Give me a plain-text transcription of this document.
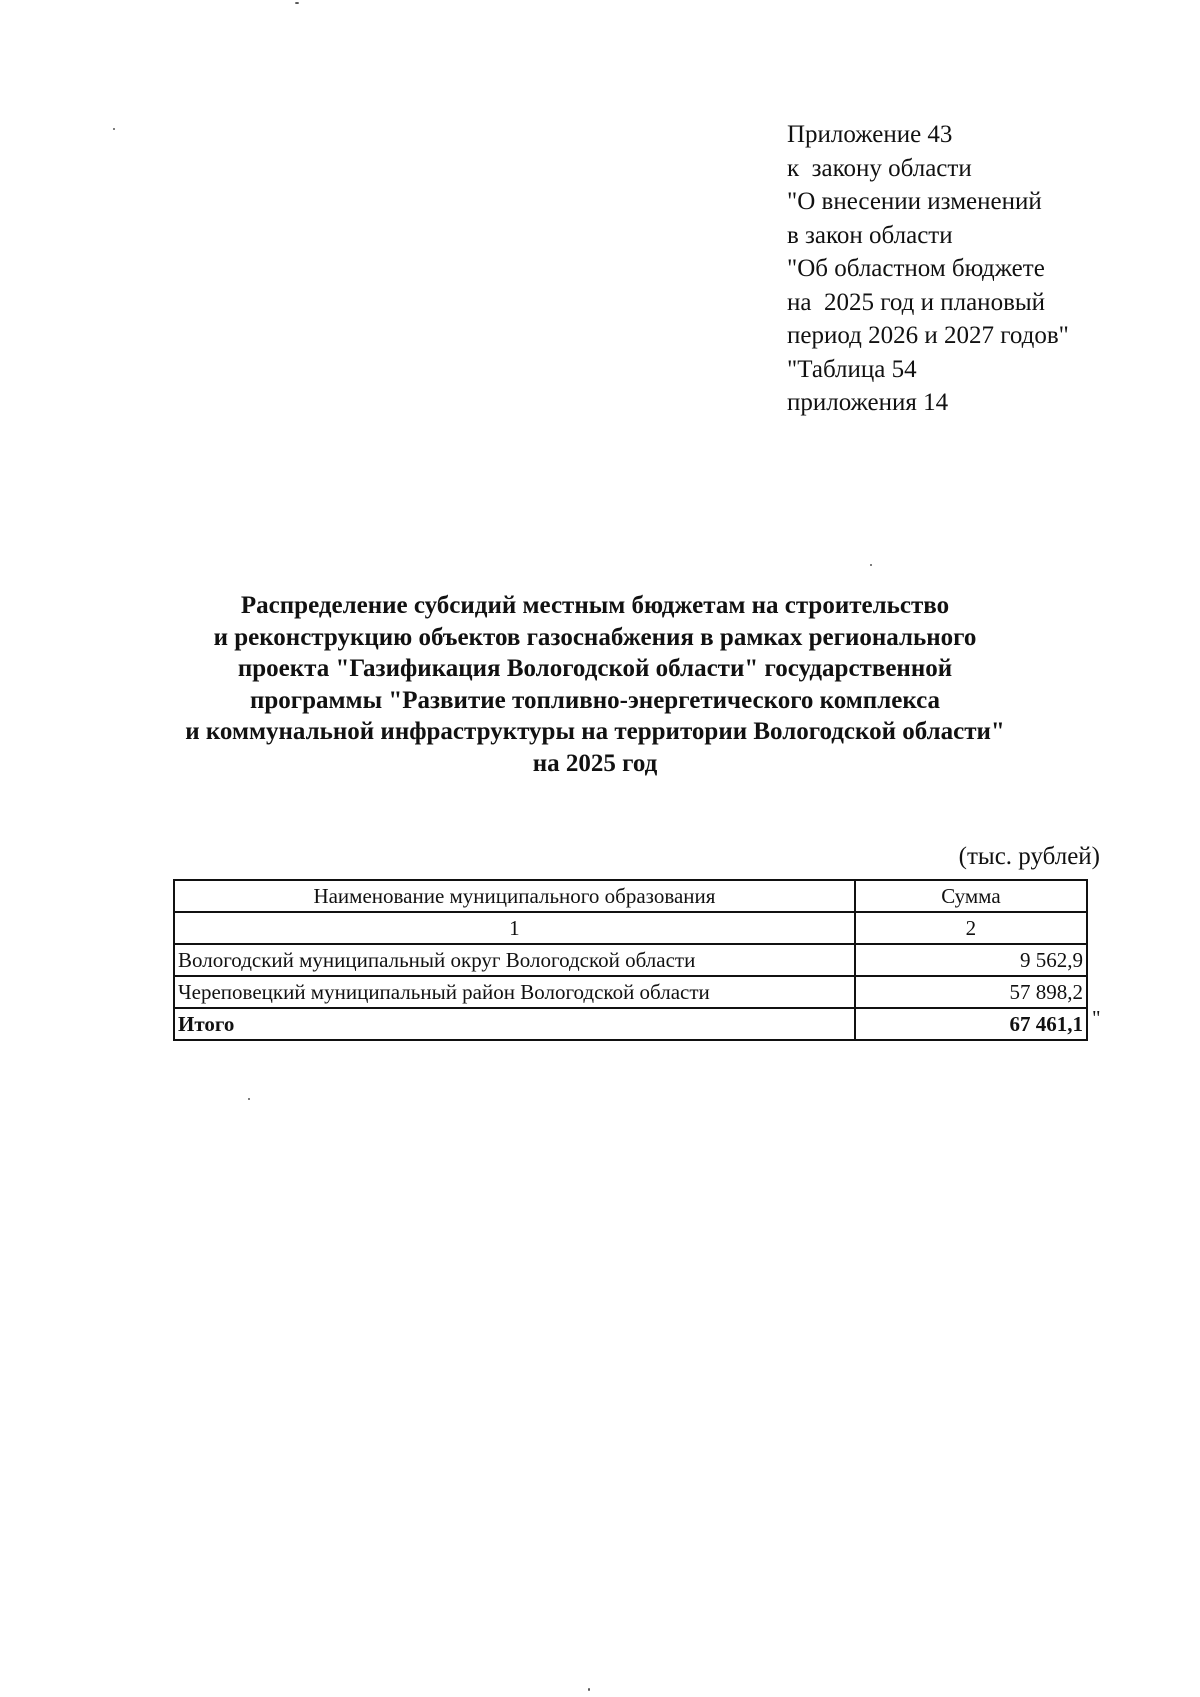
Приложение 43
к  закону области
"О внесении изменений
в закон области
"Об областном бюджете
на  2025 год и плановый
период 2026 и 2027 годов"
"Таблица 54
приложения 14
Распределение субсидий местным бюджетам на строительство
и реконструкцию объектов газоснабжения в рамках регионального
проекта "Газификация Вологодской области" государственной
программы "Развитие топливно-энергетического комплекса
и коммунальной инфраструктуры на территории Вологодской области"
на 2025 год
(тыс. рублей)
Наименование муниципального образования	Сумма
1	2
Вологодский муниципальный округ Вологодской области	9 562,9
Череповецкий муниципальный район Вологодской области	57 898,2
Итого	67 461,1 "
